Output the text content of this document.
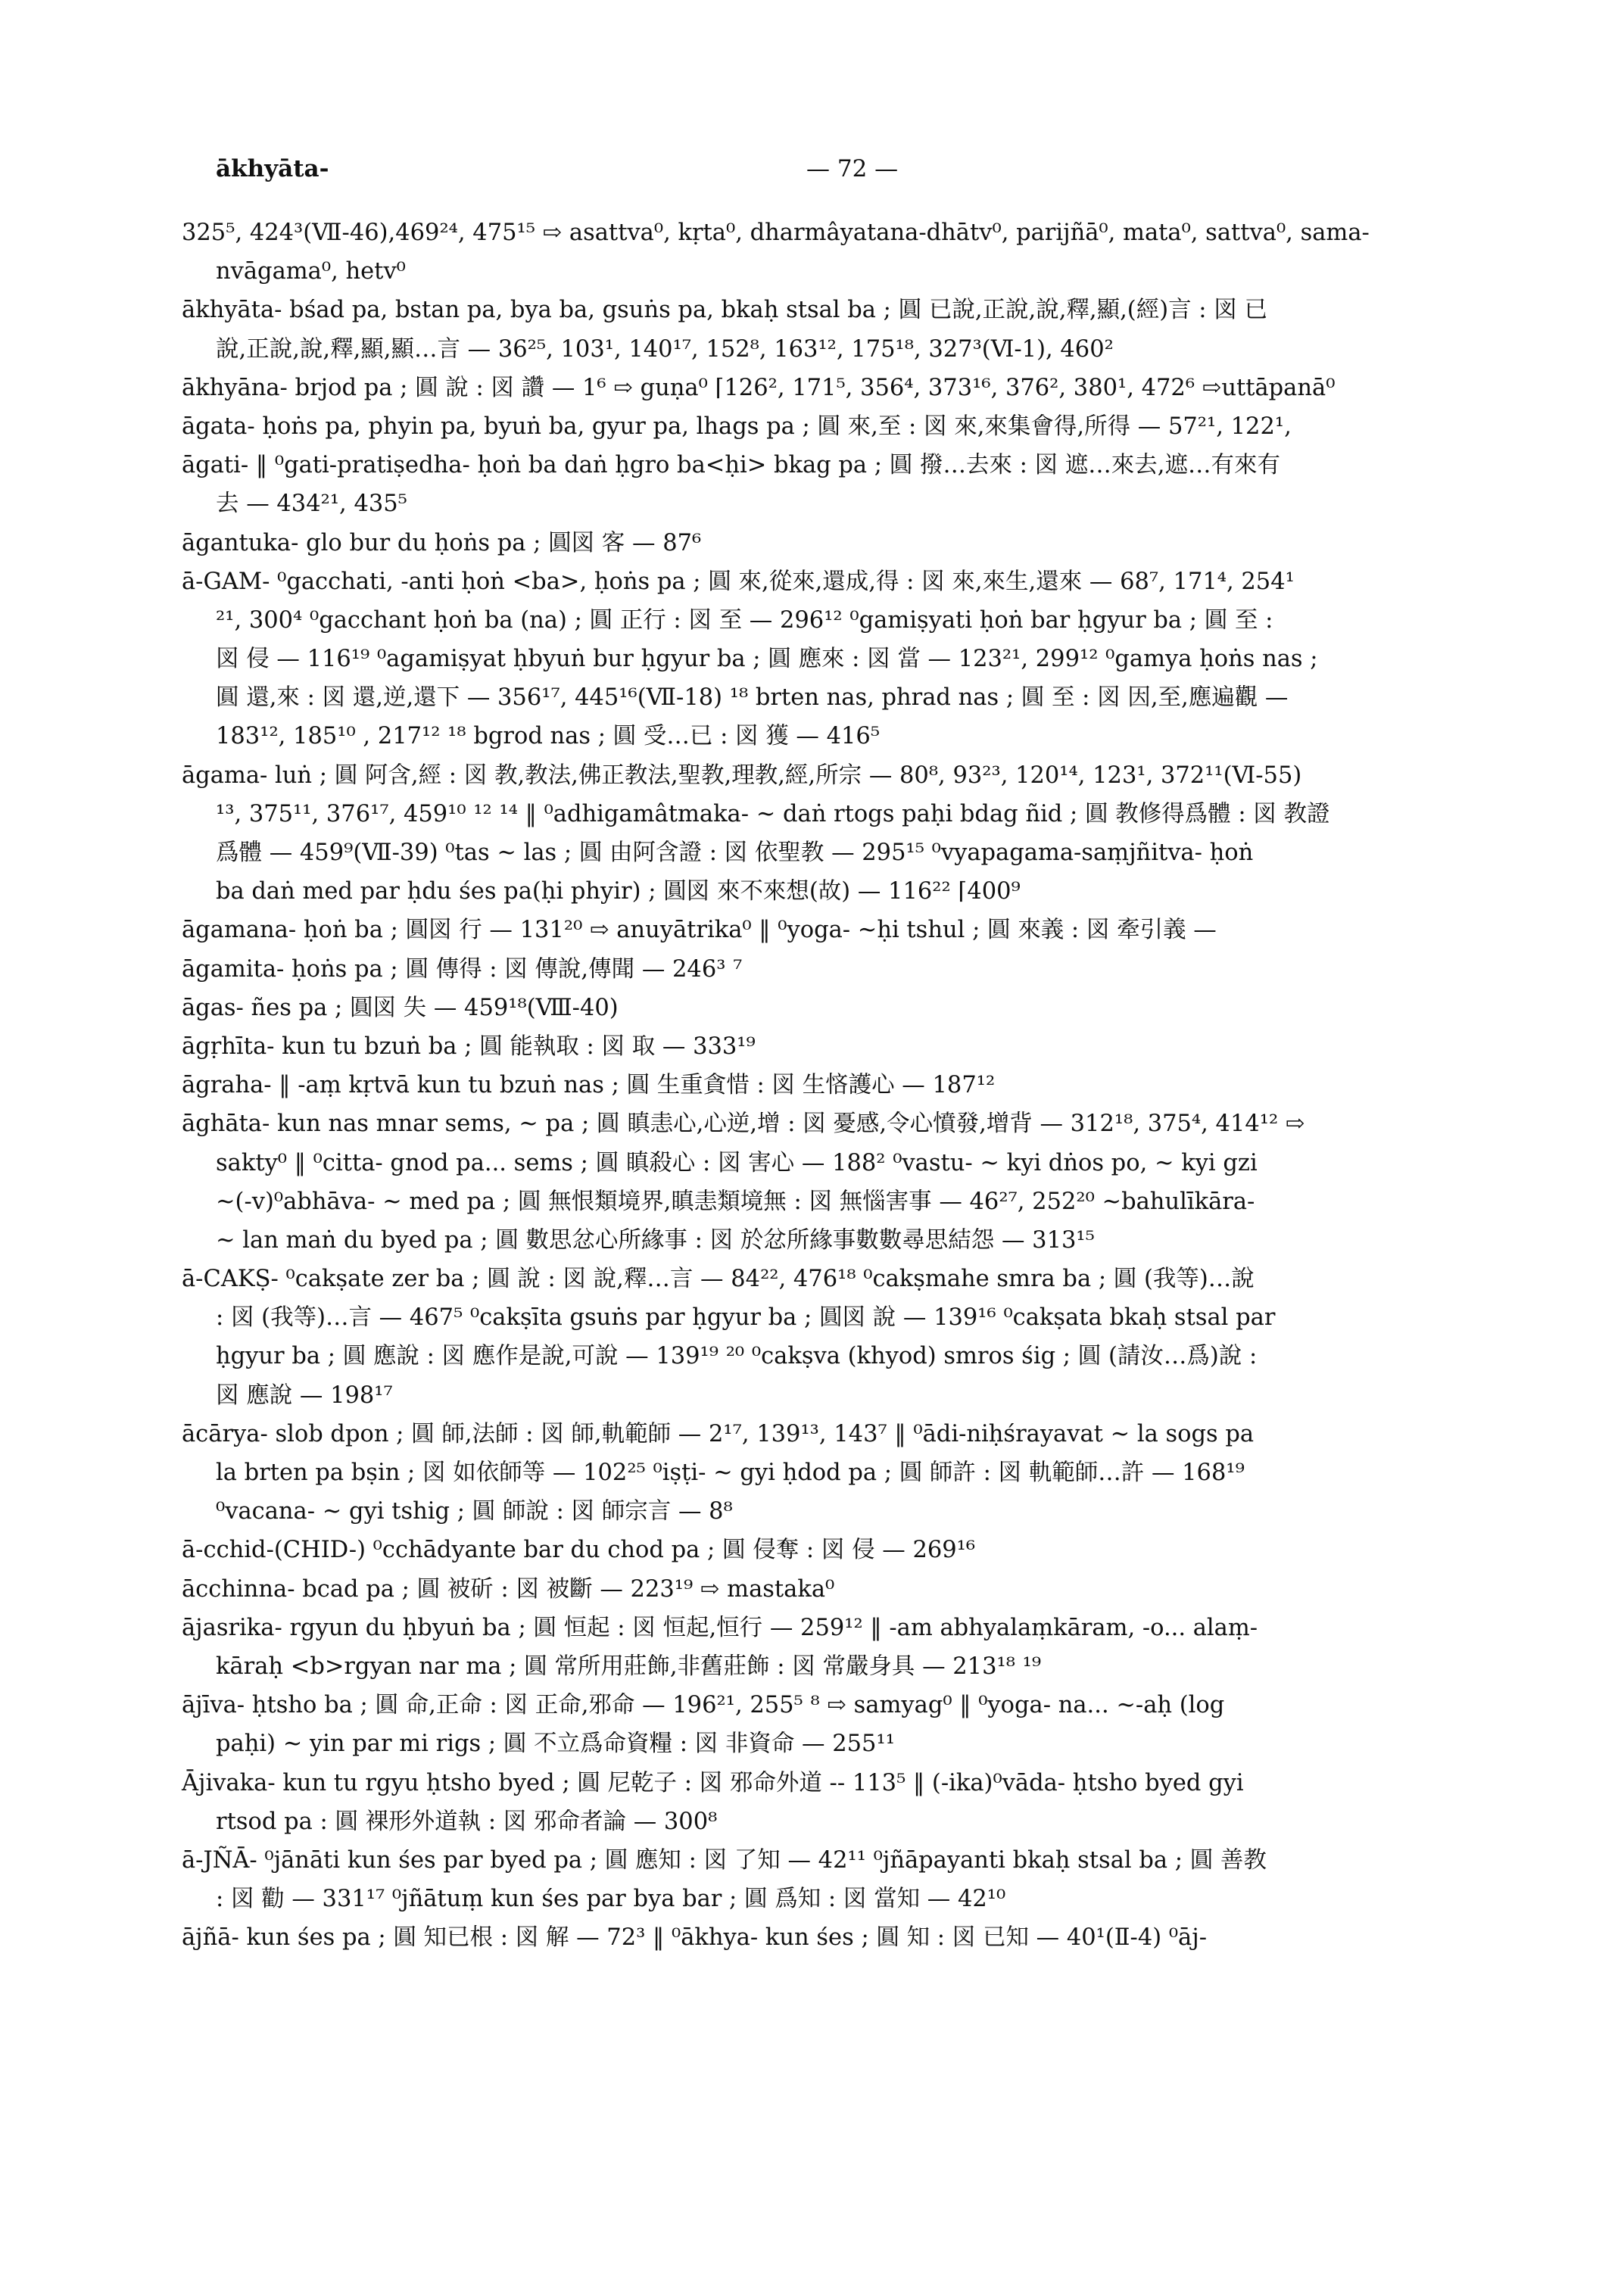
ākhyāta-	— 72 —
325⁵, 424³(Ⅶ-46),469²⁴, 475¹⁵ ⇨ asattva⁰, kṛta⁰, dharmâyatana-dhātv⁰, parijñā⁰, mata⁰, sattva⁰, sama-
nvāgama⁰, hetv⁰
ākhyāta- bśad pa, bstan pa, bya ba, gsuṅs pa, bkaḥ stsal ba ; 圓 已說,正說,說,釋,顯,(經)言 : 図 已
說,正說,說,釋,顯,顯…言 — 36²⁵, 103¹, 140¹⁷, 152⁸, 163¹², 175¹⁸, 327³(Ⅵ-1), 460²
ākhyāna- brjod pa ; 圓 說 : 図 讚 — 1⁶ ⇨ guṇa⁰ ⌈126², 171⁵, 356⁴, 373¹⁶, 376², 380¹, 472⁶ ⇨uttāpanā⁰
āgata- ḥoṅs pa, phyin pa, byuṅ ba, gyur pa, lhags pa ; 圓 來,至 : 図 來,來集會得,所得 — 57²¹, 122¹,
āgati- ‖ ⁰gati-pratiṣedha- ḥoṅ ba daṅ ḥgro ba<ḥi> bkag pa ; 圓 撥…去來 : 図 遮…來去,遮…有來有
去 — 434²¹, 435⁵
āgantuka- glo bur du ḥoṅs pa ; 圓図 客 — 87⁶
ā-GAM- ⁰gacchati, -anti ḥoṅ <ba>, ḥoṅs pa ; 圓 來,從來,還成,得 : 図 來,來生,還來 — 68⁷, 171⁴, 254¹
²¹, 300⁴ ⁰gacchant ḥoṅ ba (na) ; 圓 正行 : 図 至 — 296¹² ⁰gamiṣyati ḥoṅ bar ḥgyur ba ; 圓 至 :
図 侵 — 116¹⁹ ⁰agamiṣyat ḥbyuṅ bur ḥgyur ba ; 圓 應來 : 図 當 — 123²¹, 299¹² ⁰gamya ḥoṅs nas ;
圓 還,來 : 図 還,逆,還下 — 356¹⁷, 445¹⁶(Ⅶ-18) ¹⁸ brten nas, phrad nas ; 圓 至 : 図 因,至,應遍觀 —
183¹², 185¹⁰ , 217¹² ¹⁸ bgrod nas ; 圓 受…已 : 図 獲 — 416⁵
āgama- luṅ ; 圓 阿含,經 : 図 教,教法,佛正教法,聖教,理教,經,所宗 — 80⁸, 93²³, 120¹⁴, 123¹, 372¹¹(Ⅵ-55)
¹³, 375¹¹, 376¹⁷, 459¹⁰ ¹² ¹⁴ ‖ ⁰adhigamâtmaka- ~ daṅ rtogs paḥi bdag ñid ; 圓 教修得爲體 : 図 教證
爲體 — 459⁹(Ⅶ-39) ⁰tas ~ las ; 圓 由阿含證 : 図 依聖教 — 295¹⁵ ⁰vyapagama-saṃjñitva- ḥoṅ
ba daṅ med par ḥdu śes pa(ḥi phyir) ; 圓図 來不來想(故) — 116²² ⌈400⁹
āgamana- ḥoṅ ba ; 圓図 行 — 131²⁰ ⇨ anuyātrika⁰ ‖ ⁰yoga- ~ḥi tshul ; 圓 來義 : 図 牽引義 —
āgamita- ḥoṅs pa ; 圓 傳得 : 図 傳說,傳聞 — 246³ ⁷
āgas- ñes pa ; 圓図 失 — 459¹⁸(Ⅷ-40)
āgṛhīta- kun tu bzuṅ ba ; 圓 能執取 : 図 取 — 333¹⁹
āgraha- ‖ -aṃ kṛtvā kun tu bzuṅ nas ; 圓 生重貪惜 : 図 生悋護心 — 187¹²
āghāta- kun nas mnar sems, ~ pa ; 圓 瞋恚心,心逆,增 : 図 憂感,令心憤發,增背 — 312¹⁸, 375⁴, 414¹² ⇨
sakty⁰ ‖ ⁰citta- gnod pa... sems ; 圓 瞋殺心 : 図 害心 — 188² ⁰vastu- ~ kyi dṅos po, ~ kyi gzi
~(-v)⁰abhāva- ~ med pa ; 圓 無恨類境界,瞋恚類境無 : 図 無惱害事 — 46²⁷, 252²⁰ ~bahulīkāra-
~ lan maṅ du byed pa ; 圓 數思忿心所緣事 : 図 於忿所緣事數數尋思結怨 — 313¹⁵
ā-CAKṢ- ⁰cakṣate zer ba ; 圓 說 : 図 說,釋…言 — 84²², 476¹⁸ ⁰cakṣmahe smra ba ; 圓 (我等)…說
: 図 (我等)…言 — 467⁵ ⁰cakṣīta gsuṅs par ḥgyur ba ; 圓図 說 — 139¹⁶ ⁰cakṣata bkaḥ stsal par
ḥgyur ba ; 圓 應說 : 図 應作是說,可說 — 139¹⁹ ²⁰ ⁰cakṣva (khyod) smros śig ; 圓 (請汝…爲)說 :
図 應說 — 198¹⁷
ācārya- slob dpon ; 圓 師,法師 : 図 師,軌範師 — 2¹⁷, 139¹³, 143⁷ ‖ ⁰ādi-niḥśrayavat ~ la sogs pa
la brten pa bṣin ; 図 如依師等 — 102²⁵ ⁰iṣṭi- ~ gyi ḥdod pa ; 圓 師許 : 図 軌範師…許 — 168¹⁹
⁰vacana- ~ gyi tshig ; 圓 師說 : 図 師宗言 — 8⁸
ā-cchid-(CHID-) ⁰cchādyante bar du chod pa ; 圓 侵奪 : 図 侵 — 269¹⁶
ācchinna- bcad pa ; 圓 被斫 : 図 被斷 — 223¹⁹ ⇨ mastaka⁰
ājasrika- rgyun du ḥbyuṅ ba ; 圓 恒起 : 図 恒起,恒行 — 259¹² ‖ -am abhyalaṃkāram, -o... alaṃ-
kāraḥ <b>rgyan nar ma ; 圓 常所用莊飾,非舊莊飾 : 図 常嚴身具 — 213¹⁸ ¹⁹
ājīva- ḥtsho ba ; 圓 命,正命 : 図 正命,邪命 — 196²¹, 255⁵ ⁸ ⇨ samyag⁰ ‖ ⁰yoga- na... ~-aḥ (log
paḥi) ~ yin par mi rigs ; 圓 不立爲命資糧 : 図 非資命 — 255¹¹
Ājivaka- kun tu rgyu ḥtsho byed ; 圓 尼乾子 : 図 邪命外道 -- 113⁵ ‖ (-ika)⁰vāda- ḥtsho byed gyi
rtsod pa : 圓 裸形外道執 : 図 邪命者論 — 300⁸
ā-JÑĀ- ⁰jānāti kun śes par byed pa ; 圓 應知 : 図 了知 — 42¹¹ ⁰jñāpayanti bkaḥ stsal ba ; 圓 善教
: 図 勸 — 331¹⁷ ⁰jñātuṃ kun śes par bya bar ; 圓 爲知 : 図 當知 — 42¹⁰
ājñā- kun śes pa ; 圓 知已根 : 図 解 — 72³ ‖ ⁰ākhya- kun śes ; 圓 知 : 図 已知 — 40¹(Ⅱ-4) ⁰āj-
